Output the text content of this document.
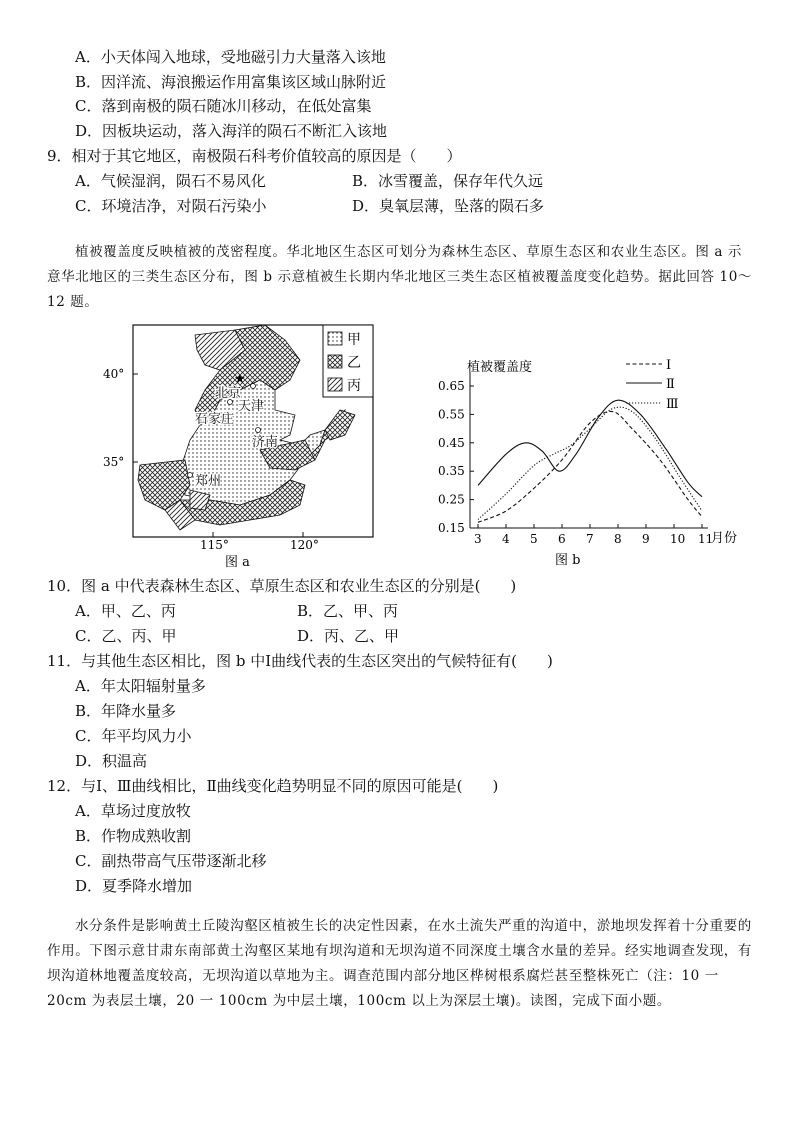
A．小天体闯入地球，受地磁引力大量落入该地
B．因洋流、海浪搬运作用富集该区域山脉附近
C．落到南极的陨石随冰川移动，在低处富集
D．因板块运动，落入海洋的陨石不断汇入该地
9．相对于其它地区，南极陨石科考价值较高的原因是（　　）
A．气候湿润，陨石不易风化	B．冰雪覆盖，保存年代久远
C．环境洁净，对陨石污染小	D．臭氧层薄，坠落的陨石多
植被覆盖度反映植被的茂密程度。华北地区生态区可划分为森林生态区、草原生态区和农业生态区。图 a 示意华北地区的三类生态区分布，图 b 示意植被生长期内华北地区三类生态区植被覆盖度变化趋势。据此回答 10～12 题。
甲
乙
丙
★
北京
天津
石家庄
济南
郑州
40°
35°
115°	120°
图 a
植被覆盖度
月份
图 b
0.15
0.25
0.35
0.45
0.55
0.65
3 4 5 6 7 8 9 10 11
Ⅰ
Ⅱ
Ⅲ
10．图 a 中代表森林生态区、草原生态区和农业生态区的分别是(　　)
A．甲、乙、丙	B．乙、甲、丙
C．乙、丙、甲	D．丙、乙、甲
11．与其他生态区相比，图 b 中Ⅰ曲线代表的生态区突出的气候特征有(　　)
A．年太阳辐射量多
B．年降水量多
C．年平均风力小
D．积温高
12．与Ⅰ、Ⅲ曲线相比，Ⅱ曲线变化趋势明显不同的原因可能是(　　)
A．草场过度放牧
B．作物成熟收割
C．副热带高气压带逐渐北移
D．夏季降水增加
水分条件是影响黄土丘陵沟壑区植被生长的决定性因素，在水土流失严重的沟道中，淤地坝发挥着十分重要的作用。下图示意甘肃东南部黄土沟壑区某地有坝沟道和无坝沟道不同深度土壤含水量的差异。经实地调查发现，有坝沟道林地覆盖度较高，无坝沟道以草地为主。调查范围内部分地区桦树根系腐烂甚至整株死亡（注：10 一 20cm 为表层土壤，20 一 100cm 为中层土壤，100cm 以上为深层土壤)。读图，完成下面小题。
